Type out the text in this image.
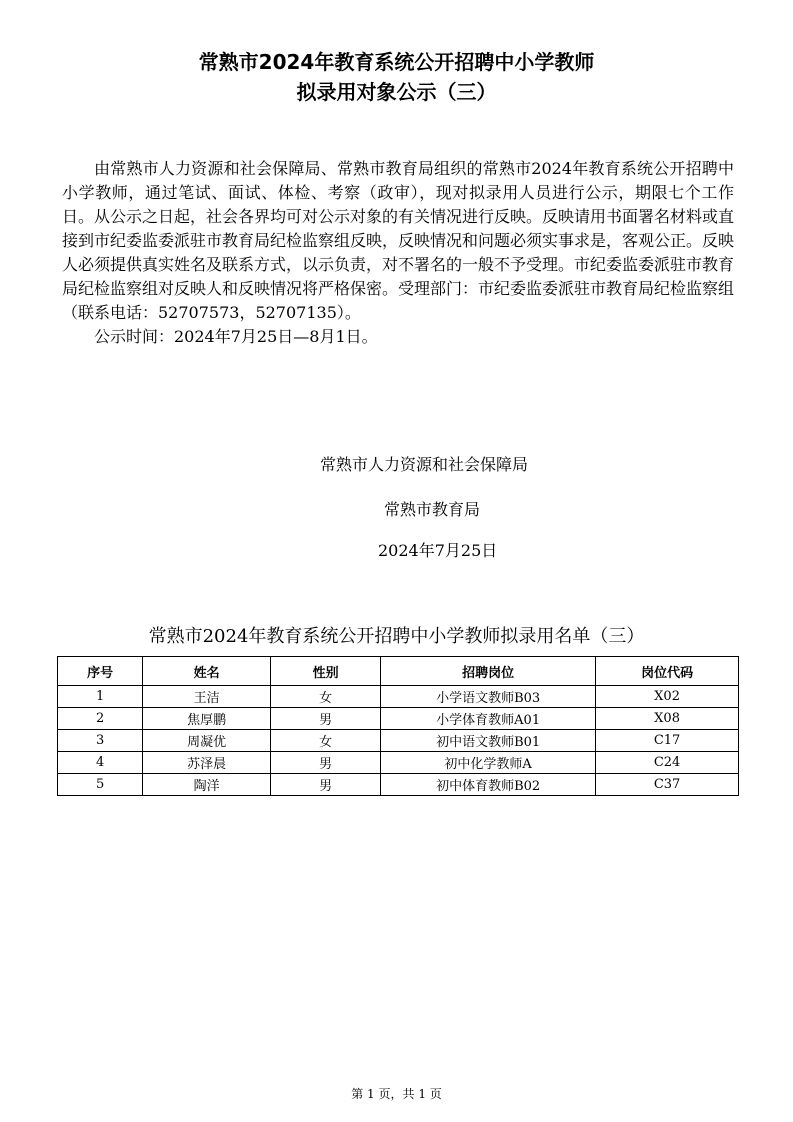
常熟市2024年教育系统公开招聘中小学教师
拟录用对象公示（三）

由常熟市人力资源和社会保障局、常熟市教育局组织的常熟市2024年教育系统公开招聘中小学教师，通过笔试、面试、体检、考察（政审），现对拟录用人员进行公示，期限七个工作日。从公示之日起，社会各界均可对公示对象的有关情况进行反映。反映请用书面署名材料或直接到市纪委监委派驻市教育局纪检监察组反映，反映情况和问题必须实事求是，客观公正。反映人必须提供真实姓名及联系方式，以示负责，对不署名的一般不予受理。市纪委监委派驻市教育局纪检监察组对反映人和反映情况将严格保密。受理部门：市纪委监委派驻市教育局纪检监察组（联系电话：52707573，52707135）。

公示时间：2024年7月25日—8月1日。

常熟市人力资源和社会保障局
常熟市教育局
2024年7月25日
常熟市2024年教育系统公开招聘中小学教师拟录用名单（三）
序号	姓名	性别	招聘岗位	岗位代码
1	王洁	女	小学语文教师B03	X02
2	焦厚鹏	男	小学体育教师A01	X08
3	周凝优	女	初中语文教师B01	C17
4	苏泽晨	男	初中化学教师A	C24
5	陶洋	男	初中体育教师B02	C37
第 1 页，共 1 页
